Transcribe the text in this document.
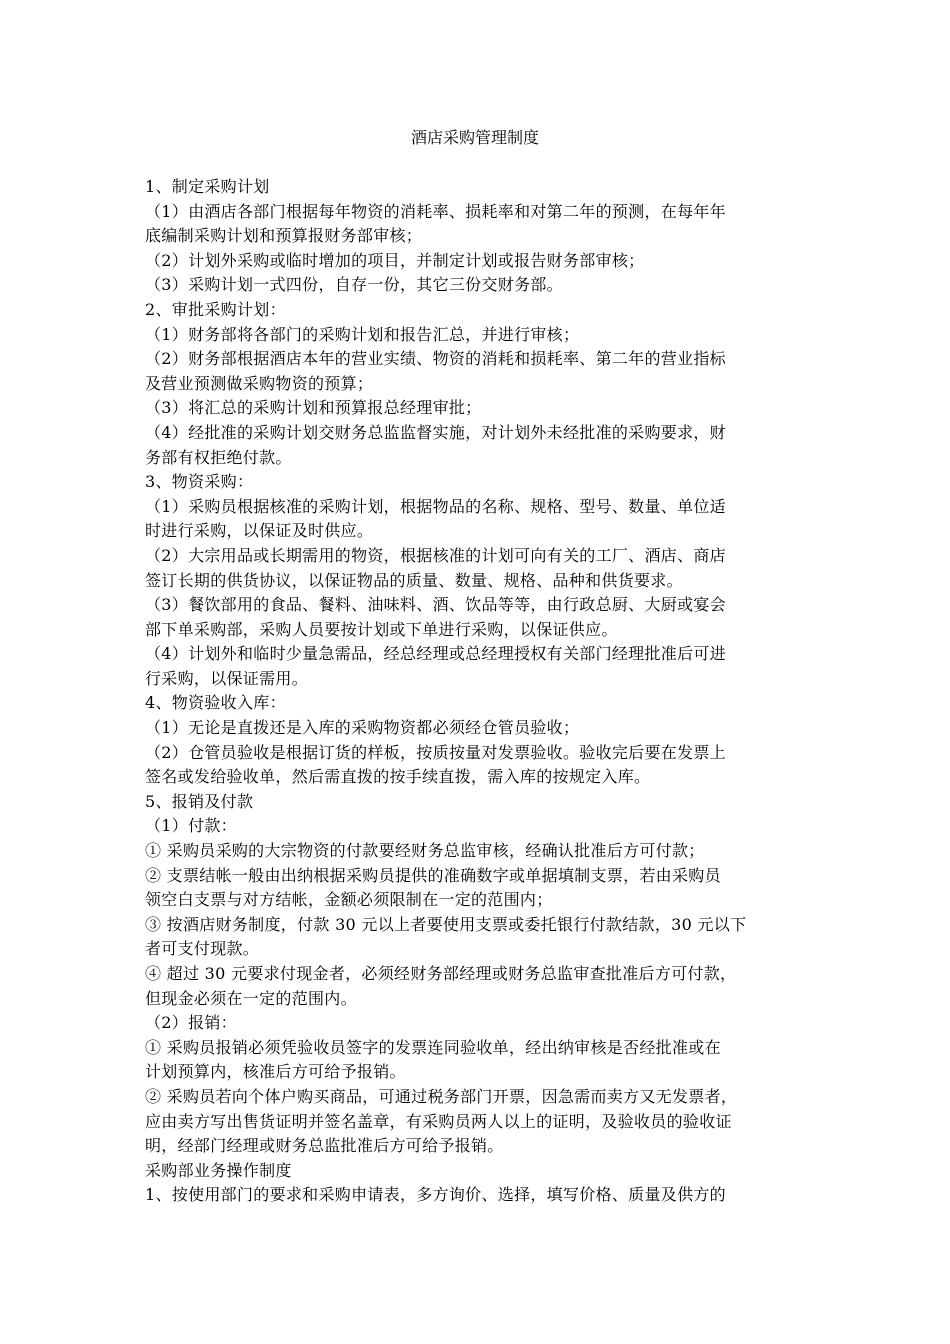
酒店采购管理制度
1、制定采购计划
（1）由酒店各部门根据每年物资的消耗率、损耗率和对第二年的预测，在每年年
底编制采购计划和预算报财务部审核；
（2）计划外采购或临时增加的项目，并制定计划或报告财务部审核；
（3）采购计划一式四份，自存一份，其它三份交财务部。
2、审批采购计划：
（1）财务部将各部门的采购计划和报告汇总，并进行审核；
（2）财务部根据酒店本年的营业实绩、物资的消耗和损耗率、第二年的营业指标
及营业预测做采购物资的预算；
（3）将汇总的采购计划和预算报总经理审批；
（4）经批准的采购计划交财务总监监督实施，对计划外未经批准的采购要求，财
务部有权拒绝付款。
3、物资采购：
（1）采购员根据核准的采购计划，根据物品的名称、规格、型号、数量、单位适
时进行采购，以保证及时供应。
（2）大宗用品或长期需用的物资，根据核准的计划可向有关的工厂、酒店、商店
签订长期的供货协议，以保证物品的质量、数量、规格、品种和供货要求。
（3）餐饮部用的食品、餐料、油味料、酒、饮品等等，由行政总厨、大厨或宴会
部下单采购部，采购人员要按计划或下单进行采购，以保证供应。
（4）计划外和临时少量急需品，经总经理或总经理授权有关部门经理批准后可进
行采购，以保证需用。
4、物资验收入库：
（1）无论是直拨还是入库的采购物资都必须经仓管员验收；
（2）仓管员验收是根据订货的样板，按质按量对发票验收。验收完后要在发票上
签名或发给验收单，然后需直拨的按手续直拨，需入库的按规定入库。
5、报销及付款
（1）付款：
① 采购员采购的大宗物资的付款要经财务总监审核，经确认批准后方可付款；
② 支票结帐一般由出纳根据采购员提供的准确数字或单据填制支票，若由采购员
领空白支票与对方结帐，金额必须限制在一定的范围内；
③ 按酒店财务制度，付款 30 元以上者要使用支票或委托银行付款结款，30 元以下
者可支付现款。
④ 超过 30 元要求付现金者，必须经财务部经理或财务总监审查批准后方可付款，
但现金必须在一定的范围内。
（2）报销：
① 采购员报销必须凭验收员签字的发票连同验收单，经出纳审核是否经批准或在
计划预算内，核准后方可给予报销。
② 采购员若向个体户购买商品，可通过税务部门开票，因急需而卖方又无发票者，
应由卖方写出售货证明并签名盖章，有采购员两人以上的证明，及验收员的验收证
明，经部门经理或财务总监批准后方可给予报销。
采购部业务操作制度
1、按使用部门的要求和采购申请表，多方询价、选择，填写价格、质量及供方的
